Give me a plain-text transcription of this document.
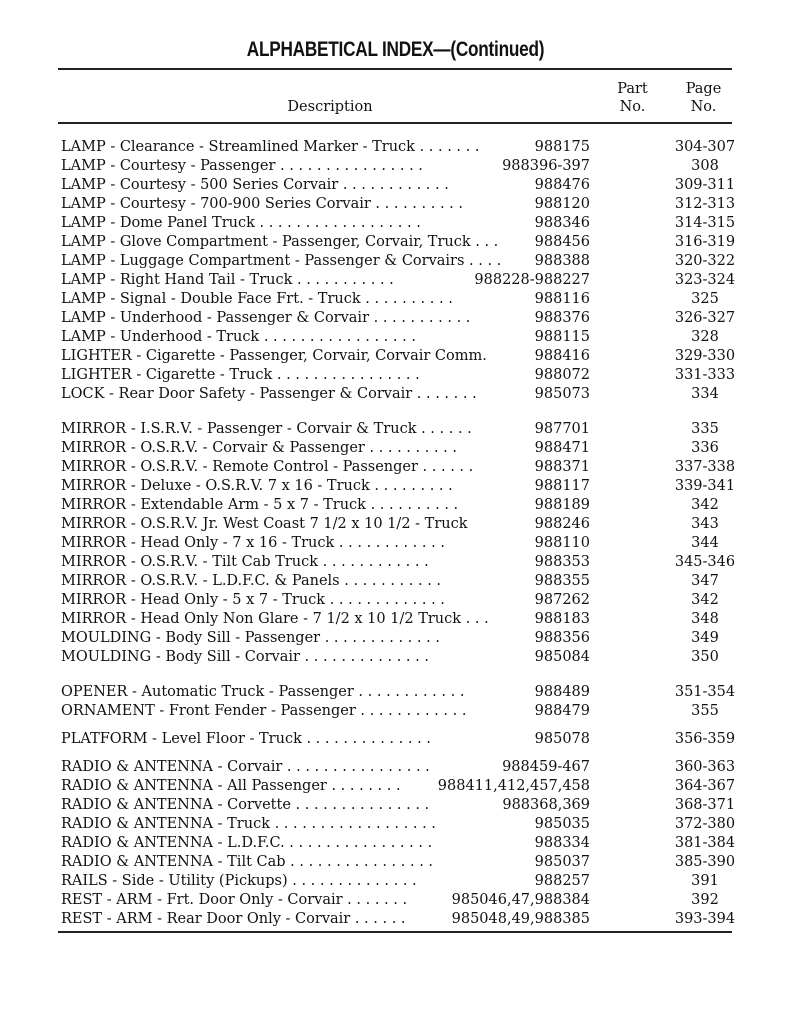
ALPHABETICAL INDEX—(Continued)
Description
Part
No.
Page
No.
LAMP - Clearance - Streamlined Marker - Truck . . . . . . .	988175	304-307
LAMP - Courtesy - Passenger . . . . . . . . . . . . . . . .	988396-397	308
LAMP - Courtesy - 500 Series Corvair . . . . . . . . . . . .	988476	309-311
LAMP - Courtesy - 700-900 Series Corvair . . . . . . . . . .	988120	312-313
LAMP - Dome Panel Truck . . . . . . . . . . . . . . . . . .	988346	314-315
LAMP - Glove Compartment - Passenger, Corvair, Truck . . .	988456	316-319
LAMP - Luggage Compartment - Passenger & Corvairs . . . . 988388	320-322
LAMP - Right Hand Tail - Truck . . . . . . . . . . .	988228-988227	323-324
LAMP - Signal - Double Face Frt. - Truck . . . . . . . . . .	988116	325
LAMP - Underhood - Passenger & Corvair . . . . . . . . . . .	988376	326-327
LAMP - Underhood - Truck . . . . . . . . . . . . . . . . .	988115	328
LIGHTER - Cigarette - Passenger, Corvair, Corvair Comm.	988416	329-330
LIGHTER - Cigarette - Truck . . . . . . . . . . . . . . . .	988072	331-333
LOCK - Rear Door Safety - Passenger & Corvair . . . . . . .	985073	334
MIRROR - I.S.R.V. - Passenger - Corvair & Truck . . . . . .	987701	335
MIRROR - O.S.R.V. - Corvair & Passenger . . . . . . . . . .	988471	336
MIRROR - O.S.R.V. - Remote Control - Passenger . . . . . .	988371	337-338
MIRROR - Deluxe - O.S.R.V. 7 x 16 - Truck . . . . . . . . .	988117	339-341
MIRROR - Extendable Arm - 5 x 7 - Truck . . . . . . . . . .	988189	342
MIRROR - O.S.R.V. Jr. West Coast 7 1/2 x 10 1/2 - Truck	988246	343
MIRROR - Head Only - 7 x 16 - Truck . . . . . . . . . . . .	988110	344
MIRROR - O.S.R.V. - Tilt Cab Truck . . . . . . . . . . . .	988353	345-346
MIRROR - O.S.R.V. - L.D.F.C. & Panels . . . . . . . . . . .	988355	347
MIRROR - Head Only - 5 x 7 - Truck . . . . . . . . . . . . .	987262	342
MIRROR - Head Only Non Glare - 7 1/2 x 10 1/2 Truck . . .	988183	348
MOULDING - Body Sill - Passenger . . . . . . . . . . . . .	988356	349
MOULDING - Body Sill - Corvair . . . . . . . . . . . . . .	985084	350
OPENER - Automatic Truck - Passenger . . . . . . . . . . . .	988489	351-354
ORNAMENT - Front Fender - Passenger . . . . . . . . . . . .	988479	355
PLATFORM - Level Floor - Truck . . . . . . . . . . . . . .	985078	356-359
RADIO & ANTENNA - Corvair . . . . . . . . . . . . . . . .	988459-467	360-363
RADIO & ANTENNA - All Passenger . . . . . . . .	988411,412,457,458	364-367
RADIO & ANTENNA - Corvette . . . . . . . . . . . . . . .	988368,369	368-371
RADIO & ANTENNA - Truck . . . . . . . . . . . . . . . . . .	985035	372-380
RADIO & ANTENNA - L.D.F.C. . . . . . . . . . . . . . . . .	988334	381-384
RADIO & ANTENNA - Tilt Cab . . . . . . . . . . . . . . . .	985037	385-390
RAILS - Side - Utility (Pickups) . . . . . . . . . . . . . .	988257	391
REST - ARM - Frt. Door Only - Corvair . . . . . . .	985046,47,988384	392
REST - ARM - Rear Door Only - Corvair . . . . . .	985048,49,988385	393-394
